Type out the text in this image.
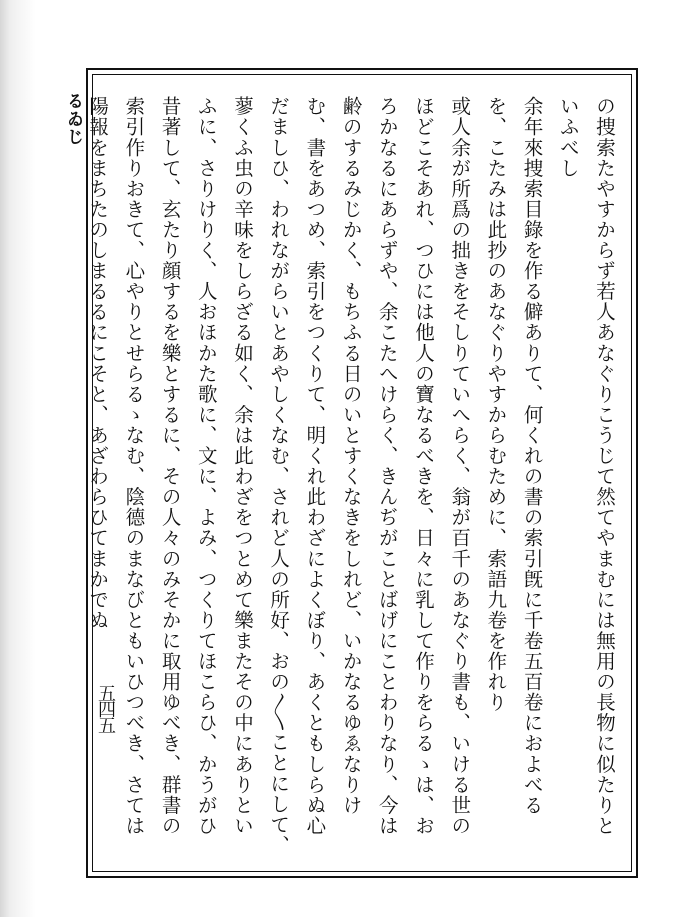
るゐじ
五四五	の捜索たやすからず若人あなぐりこうじて然てやまむには無用の長物に似たりといふべし

余年來捜索目錄を作る僻ありて、何くれの書の索引旣に千卷五百卷におよべるを、こたみは此抄のあなぐりやすからむために、索語九卷を作れり

或人余が所爲の拙きをそしりていへらく、翁が百千のあなぐり書も、いける世のほどこそあれ、つひには他人の寶なるべきを、日々に乳して作りをらるゝは、おろかなるにあらずや、余こたへけらく、きんぢがことばげにことわりなり、今は齢のするみじかく、もちふる日のいとすくなきをしれど、いかなるゆゑなりけむ、書をあつめ、索引をつくりて、明くれ此わざによくぼり、あくともしらぬ心だましひ、われながらいとあやしくなむ、されど人の所好、おの〳〵ことにして、蓼くふ虫の辛味をしらざる如く、余は此わざをつとめて樂またその中にありといふに、さりけりく、人おほかた歌に、文に、よみ、つくりてほこらひ、かうがひ昔著して、玄たり顔するを樂とするに、その人々のみそかに取用ゆべき、群書の索引作りおきて、心やりとせらるゝなむ、陰德のまなびともいひつべき、さては陽報をまちたのしまるるにこそと、あざわらひてまかでぬ
